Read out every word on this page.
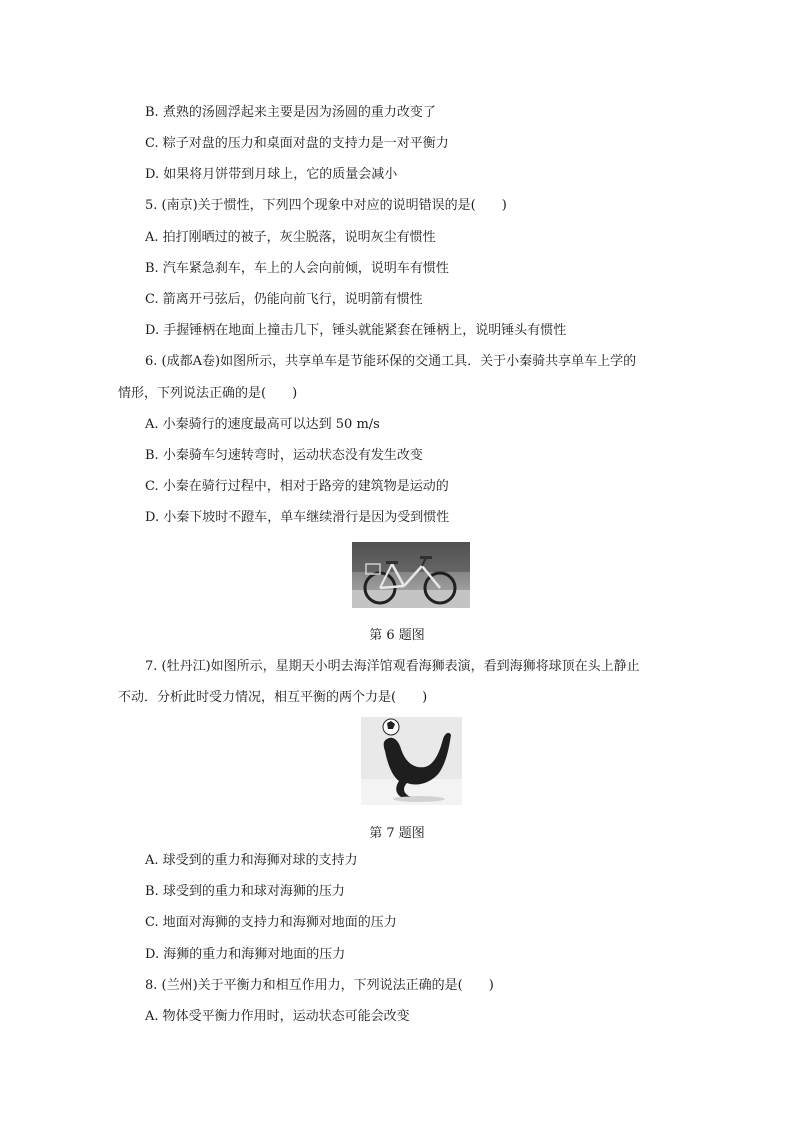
B. 煮熟的汤圆浮起来主要是因为汤圆的重力改变了
C. 粽子对盘的压力和桌面对盘的支持力是一对平衡力
D. 如果将月饼带到月球上，它的质量会减小
5. (南京)关于惯性，下列四个现象中对应的说明错误的是(　　)
A. 拍打刚晒过的被子，灰尘脱落，说明灰尘有惯性
B. 汽车紧急刹车，车上的人会向前倾，说明车有惯性
C. 箭离开弓弦后，仍能向前飞行，说明箭有惯性
D. 手握锤柄在地面上撞击几下，锤头就能紧套在锤柄上，说明锤头有惯性
6. (成都A卷)如图所示，共享单车是节能环保的交通工具．关于小秦骑共享单车上学的
情形，下列说法正确的是(　　)
A. 小秦骑行的速度最高可以达到 50 m/s
B. 小秦骑车匀速转弯时，运动状态没有发生改变
C. 小秦在骑行过程中，相对于路旁的建筑物是运动的
D. 小秦下坡时不蹬车，单车继续滑行是因为受到惯性
第 6 题图
7. (牡丹江)如图所示，星期天小明去海洋馆观看海狮表演，看到海狮将球顶在头上静止
不动．分析此时受力情况，相互平衡的两个力是(　　)
第 7 题图
A. 球受到的重力和海狮对球的支持力
B. 球受到的重力和球对海狮的压力
C. 地面对海狮的支持力和海狮对地面的压力
D. 海狮的重力和海狮对地面的压力
8. (兰州)关于平衡力和相互作用力，下列说法正确的是(　　)
A. 物体受平衡力作用时，运动状态可能会改变
